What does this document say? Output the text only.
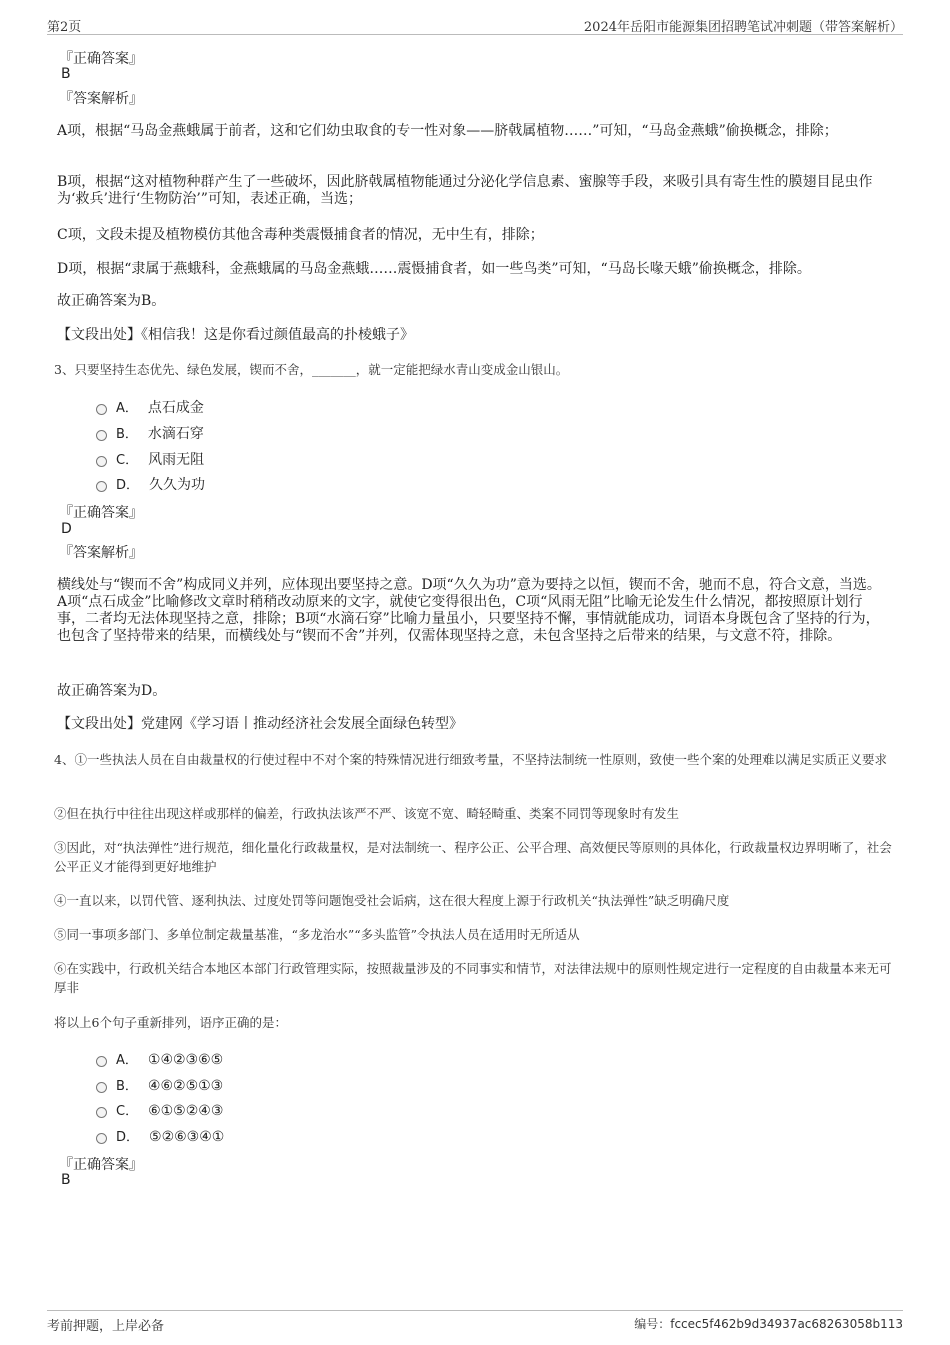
第2页	2024年岳阳市能源集团招聘笔试冲刺题（带答案解析）
『正确答案』
B
『答案解析』
A项，根据“马岛金燕蛾属于前者，这和它们幼虫取食的专一性对象——脐戟属植物……”可知，“马岛金燕蛾”偷换概念，排除；
B项，根据“这对植物种群产生了一些破坏，因此脐戟属植物能通过分泌化学信息素、蜜腺等手段，来吸引具有寄生性的膜翅目昆虫作为‘救兵’进行‘生物防治’”可知，表述正确，当选；
C项，文段未提及植物模仿其他含毒种类震慑捕食者的情况，无中生有，排除；
D项，根据“隶属于燕蛾科，金燕蛾属的马岛金燕蛾……震慑捕食者，如一些鸟类”可知，“马岛长喙天蛾”偷换概念，排除。
故正确答案为B。
【文段出处】《相信我！这是你看过颜值最高的扑棱蛾子》
3、只要坚持生态优先、绿色发展，锲而不舍，_______，就一定能把绿水青山变成金山银山。
A． 点石成金
B． 水滴石穿
C． 风雨无阻
D． 久久为功
『正确答案』
D
『答案解析』
横线处与“锲而不舍”构成同义并列，应体现出要坚持之意。D项“久久为功”意为要持之以恒，锲而不舍，驰而不息，符合文意，当选。A项“点石成金”比喻修改文章时稍稍改动原来的文字，就使它变得很出色，C项“风雨无阻”比喻无论发生什么情况，都按照原计划行事，二者均无法体现坚持之意，排除；B项“水滴石穿”比喻力量虽小，只要坚持不懈，事情就能成功，词语本身既包含了坚持的行为，也包含了坚持带来的结果，而横线处与“锲而不舍”并列，仅需体现坚持之意，未包含坚持之后带来的结果，与文意不符，排除。
故正确答案为D。
【文段出处】党建网《学习语丨推动经济社会发展全面绿色转型》
4、①一些执法人员在自由裁量权的行使过程中不对个案的特殊情况进行细致考量，不坚持法制统一性原则，致使一些个案的处理难以满足实质正义要求
②但在执行中往往出现这样或那样的偏差，行政执法该严不严、该宽不宽、畸轻畸重、类案不同罚等现象时有发生
③因此，对“执法弹性”进行规范，细化量化行政裁量权，是对法制统一、程序公正、公平合理、高效便民等原则的具体化，行政裁量权边界明晰了，社会公平正义才能得到更好地维护
④一直以来，以罚代管、逐利执法、过度处罚等问题饱受社会诟病，这在很大程度上源于行政机关“执法弹性”缺乏明确尺度
⑤同一事项多部门、多单位制定裁量基准，“多龙治水”“多头监管”令执法人员在适用时无所适从
⑥在实践中，行政机关结合本地区本部门行政管理实际，按照裁量涉及的不同事实和情节，对法律法规中的原则性规定进行一定程度的自由裁量本来无可厚非
将以上6个句子重新排列，语序正确的是：
A． ①④②③⑥⑤
B． ④⑥②⑤①③
C． ⑥①⑤②④③
D． ⑤②⑥③④①
『正确答案』
B
考前押题，上岸必备	编号：fccec5f462b9d34937ac68263058b113
